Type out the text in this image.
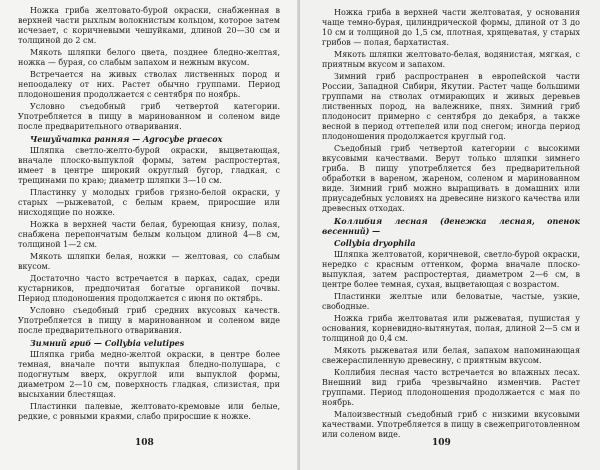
Ножка гриба желтовато-бурой окраски, снабженная в верхней части рыхлым волокнистым кольцом, которое затем исчезает, с коричневыми чешуйками, длиной 20—30 см и толщиной до 2 см.

Мякоть шляпки белого цвета, позднее бледно-желтая, ножка — бурая, со слабым запахом и нежным вкусом.

Встречается на живых стволах лиственных пород и непоодалеку от них. Растет обычно группами. Период плодоношения продолжается с сентября по ноябрь.

Условно съедобный гриб четвертой категории. Употребляется в пищу в маринованном и соленом виде после предварительного отваривания.

Чешуйчатка ранняя — Agrocybe praecox

Шляпка светло-желто-бурой окраски, выцветающая, вначале плоско-выпуклой формы, затем распростертая, имеет в центре широкий округлый бугор, гладкая, с трещинами по краю; диаметр шляпки 3—10 см.

Пластинку у молодых грибов грязно-белой окраски, у старых —рыжеватой, с белым краем, приросшие или нисходящие по ножке.

Ножка в верхней части белая, буреющая книзу, полая, снабжена перепончатым белым кольцом длиной 4—8 см, толщиной 1—2 см.

Мякоть шляпки белая, ножки — желтовая, со слабым вкусом.

Достаточно часто встречается в парках, садах, среди кустарников, предпочитая богатые органикой почвы. Период плодоношения продолжается с июня по октябрь.

Условно съедобный гриб средних вкусовых качеств. Употребляется в пищу в маринованном и соленом виде после предварительного отваривания.

Зимний гриб — Collybia velutipes

Шляпка гриба медно-желтой окраски, в центре более темная, вначале почти выпуклая бледно-полушара, с подогнутым вверх, округлой или выпуклой формы, диаметром 2—10 см, поверхность гладкая, слизистая, при высыхании блестящая.

Пластинки палевые, желтовато-кремовые или белые, редкие, с ровными краями, слабо приросшие к ножке.

108

Ножка гриба в верхней части желтоватая, у основания чаще темно-бурая, цилиндрической формы, длиной от 3 до 10 см и толщиной до 1,5 см, плотная, хрящеватая, у старых грибов — полая, бархатистая.

Мякоть шляпки желтовато-белая, водянистая, мягкая, с приятным вкусом и запахом.

Зимний гриб распространен в европейской части России, Западной Сибири, Якутии. Растет чаще большими группами на стволах отмирающих и живых деревьев лиственных пород, на валежнике, пнях. Зимний гриб плодоносит примерно с сентября до декабря, а также весной в период оттепелей или под снегом; иногда период плодоношения продолжается круглый год.

Съедобный гриб четвертой категории с высокими вкусовыми качествами. Верут только шляпки зимнего гриба. В пищу употребляется без предварительной обработки в вареном, жареном, соленом и маринованном виде. Зимний гриб можно выращивать в домашних или приусадебных условиях на древесине низкого качества или древесных отходах.

Коллибия лесная (денежка лесная, опенок весенний) —
Collybia dryophila

Шляпка желтоватой, коричневой, светло-бурой окраски, нередко с красным оттенком, форма вначале плоско-выпуклая, затем распростертая, диаметром 2—6 см, в центре более темная, сухая, выцветающая с возрастом.

Пластинки желтые или беловатые, частые, узкие, свободные.

Ножка гриба желтоватая или рыжеватая, пушистая у основания, корневидно-вытянутая, полая, длиной 2—5 см и толщиной до 0,4 см.

Мякоть рыжеватая или белая, запахом напоминающая свежераспиленную древесину, с приятным вкусом.

Коллибия лесная часто встречается во влажных лесах. Внешний вид гриба чрезвычайно изменчив. Растет группами. Период плодоношения продолжается с мая по ноябрь.

Малоизвестный съедобный гриб с низкими вкусовыми качествами. Употребляется в пищу в свежеприготовленном или соленом виде.

109
